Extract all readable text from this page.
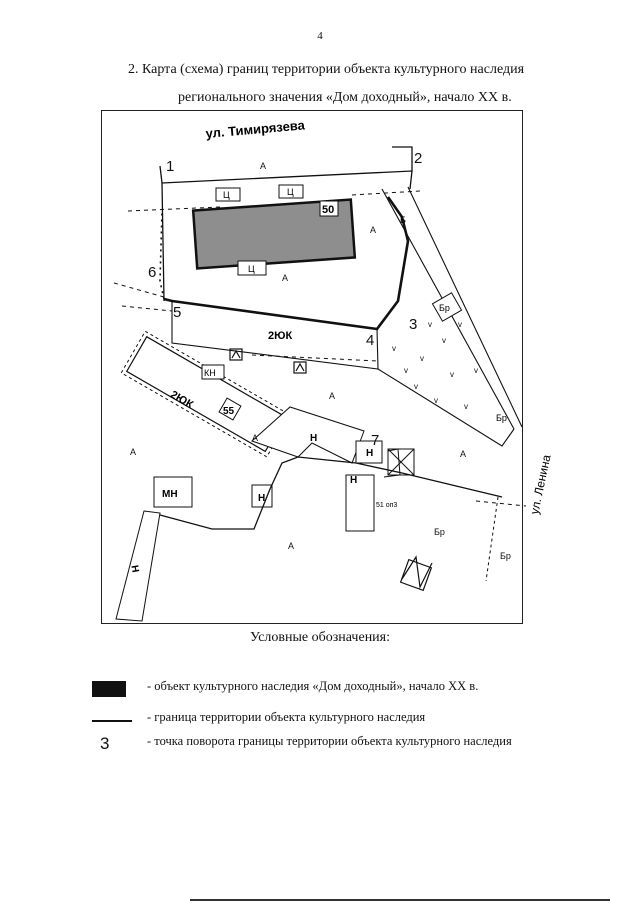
4
2. Карта (схема) границ территории объекта культурного наследия
регионального значения «Дом доходный», начало XX в.
ул. Тимирязева
ул. Ленина
Ц	Ц
Ц
50
2ЮК
Бр
Бр
Б
v
v
v
v
v
v
v
v
v
v
v
2ЮК
КН
55
Н
Н
Н
Н
Н
МН
51 оп3
1	2
3
4
5
6
7
А
А
А
А
А
А	А
А
Бр
Бр
Условные обозначения:
- объект культурного наследия «Дом доходный», начало XX в.
- граница территории объекта культурного наследия
3	- точка поворота границы территории объекта культурного наследия
